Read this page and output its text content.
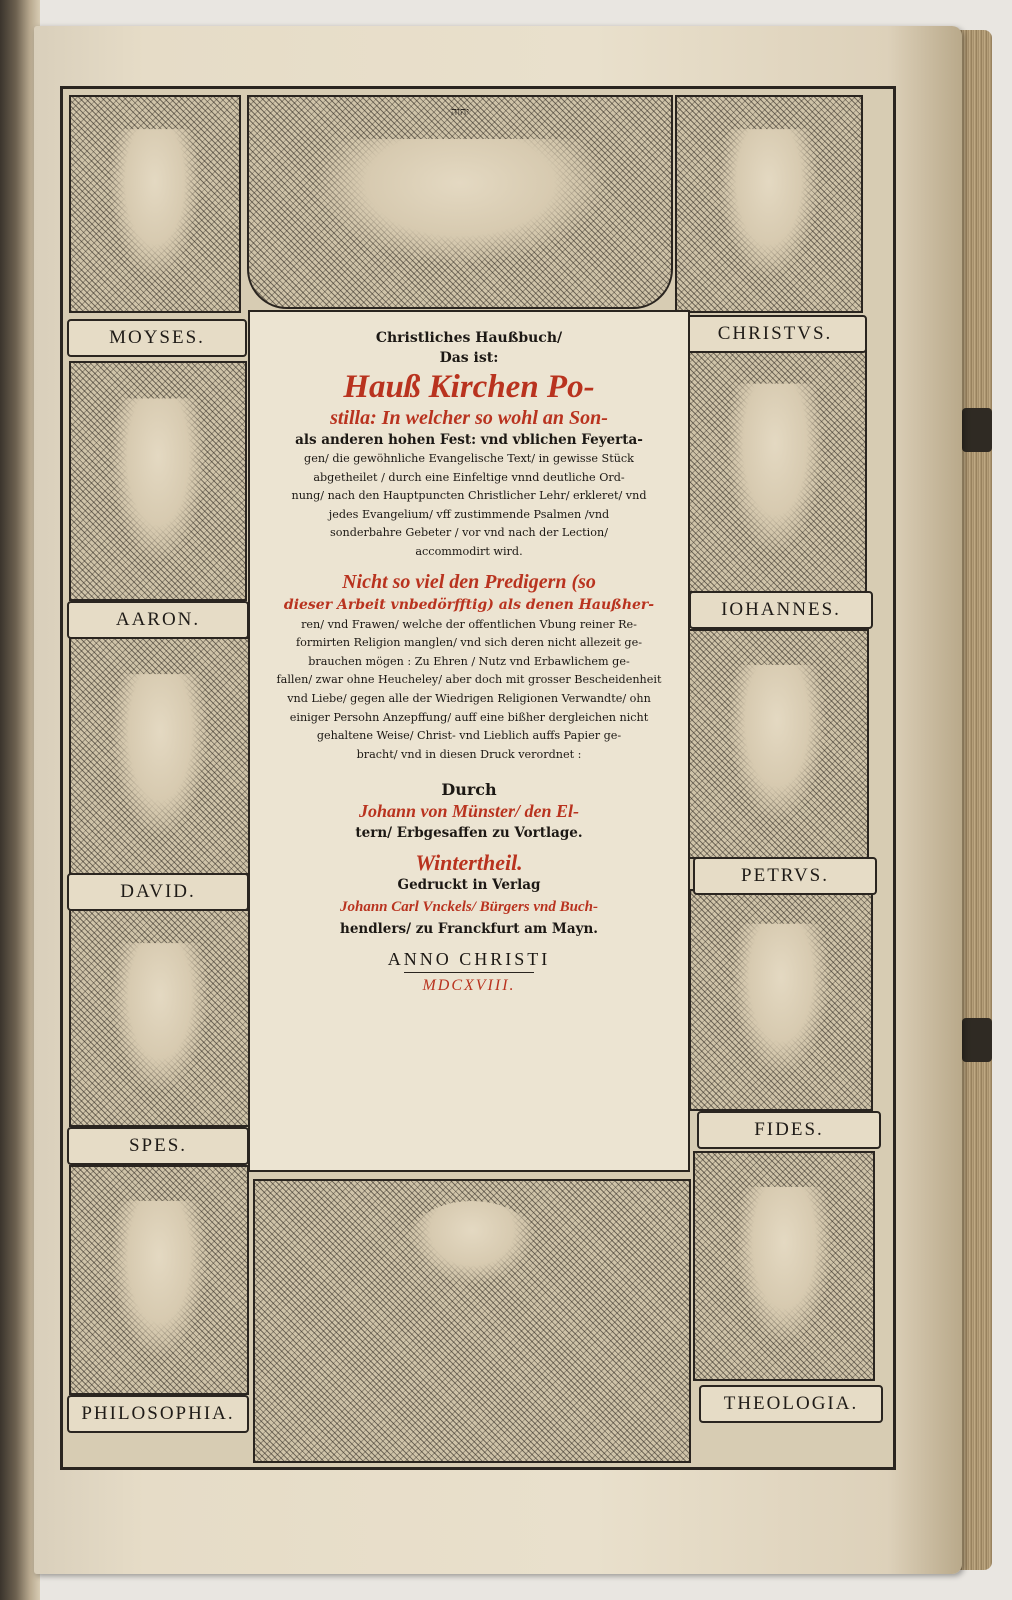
יהוה
MOYSES.	CHRISTVS.
AARON.	IOHANNES.
DAVID.
PETRVS.
SPES.
FIDES.
PHILOSOPHIA.	THEOLOGIA.
Christliches Haußbuch/
Das ist:
Hauß Kirchen Po-
stilla: In welcher so wohl an Son-
als anderen hohen Fest: vnd vblichen Feyerta-
gen/ die gewöhnliche Evangelische Text/ in gewisse Stück
abgetheilet / durch eine Einfeltige vnnd deutliche Ord-
nung/ nach den Hauptpuncten Christlicher Lehr/ erkleret/ vnd
jedes Evangelium/ vff zustimmende Psalmen /vnd
sonderbahre Gebeter / vor vnd nach der Lection/
accommodirt wird.
Nicht so viel den Predigern (so
dieser Arbeit vnbedörfftig) als denen Haußher-
ren/ vnd Frawen/ welche der offentlichen Vbung reiner Re-
formirten Religion manglen/ vnd sich deren nicht allezeit ge-
brauchen mögen : Zu Ehren / Nutz vnd Erbawlichem ge-
fallen/ zwar ohne Heucheley/ aber doch mit grosser Bescheidenheit
vnd Liebe/ gegen alle der Wiedrigen Religionen Verwandte/ ohn
einiger Persohn Anzepffung/ auff eine bißher dergleichen nicht
gehaltene Weise/ Christ- vnd Lieblich auffs Papier ge-
bracht/ vnd in diesen Druck verordnet :
Durch
Johann von Münster/ den El-
tern/ Erbgesaffen zu Vortlage.
Wintertheil.
Gedruckt in Verlag
Johann Carl Vnckels/ Bürgers vnd Buch-
hendlers/ zu Franckfurt am Mayn.
ANNO CHRISTI
MDCXVIII.
